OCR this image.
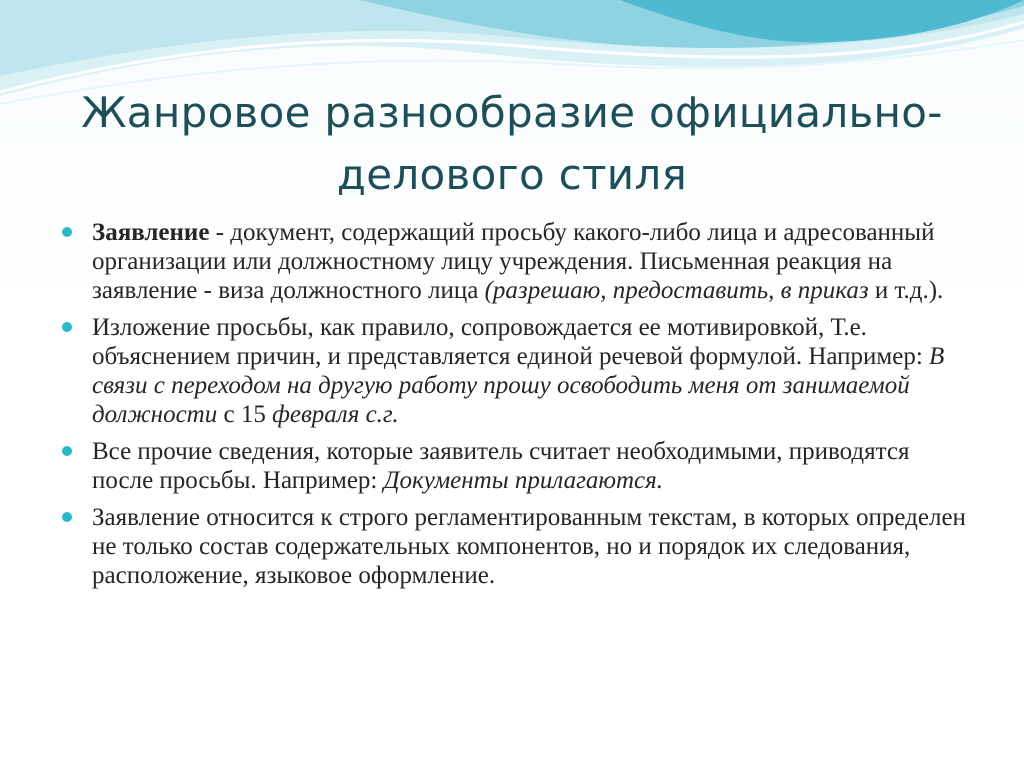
Жанровое разнообразие официально-
делового стиля
Заявление - документ, содержащий просьбу какого-либо лица и адресованный организации или должностному лицу учреждения. Письменная реакция на заявление - виза должностного лица (разрешаю, предоставить, в приказ и т.д.).
Изложение просьбы, как правило, сопровождается ее мотивировкой, Т.е. объяснением причин, и представляется единой речевой формулой. Например: В связи с переходом на другую работу прошу освободить меня от занимаемой должности с 15 февраля с.г.
Все прочие сведения, которые заявитель считает необходимыми, приводятся после просьбы. Например: Документы прилагаются.
Заявление относится к строго регламентированным текстам, в которых определен не только состав содержательных компонентов, но и порядок их следования, расположение, языковое оформление.
